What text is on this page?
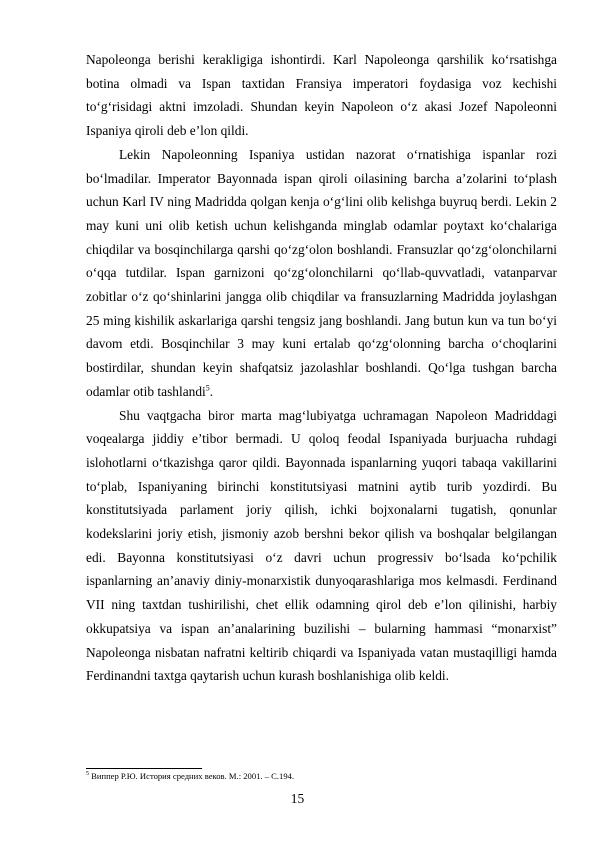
Napoleonga berishi kerakligiga ishontirdi. Karl Napoleonga qarshilik ko‘rsatishga botina olmadi va Ispan taxtidan Fransiya imperatori foydasiga voz kechishi to‘g‘risidagi aktni imzoladi. Shundan keyin Napoleon o‘z akasi Jozef Napoleonni Ispaniya qiroli deb e’lon qildi.

Lekin Napoleonning Ispaniya ustidan nazorat o‘rnatishiga ispanlar rozi bo‘lmadilar. Imperator Bayonnada ispan qiroli oilasining barcha a’zolarini to‘plash uchun Karl IV ning Madridda qolgan kenja o‘g‘lini olib kelishga buyruq berdi. Lekin 2 may kuni uni olib ketish uchun kelishganda minglab odamlar poytaxt ko‘chalariga chiqdilar va bosqinchilarga qarshi qo‘zg‘olon boshlandi. Fransuzlar qo‘zg‘olonchilarni o‘qqa tutdilar. Ispan garnizoni qo‘zg‘olonchilarni qo‘llab-quvvatladi, vatanparvar zobitlar o‘z qo‘shinlarini jangga olib chiqdilar va fransuzlarning Madridda joylashgan 25 ming kishilik askarlariga qarshi tengsiz jang boshlandi. Jang butun kun va tun bo‘yi davom etdi. Bosqinchilar 3 may kuni ertalab qo‘zg‘olonning barcha o‘choqlarini bostirdilar, shundan keyin shafqatsiz jazolashlar boshlandi. Qo‘lga tushgan barcha odamlar otib tashlandi$^5$.

Shu vaqtgacha biror marta mag‘lubiyatga uchramagan Napoleon Madriddagi voqealarga jiddiy e’tibor bermadi. U qoloq feodal Ispaniyada burjuacha ruhdagi islohotlarni o‘tkazishga qaror qildi. Bayonnada ispanlarning yuqori tabaqa vakillarini to‘plab, Ispaniyaning birinchi konstitutsiyasi matnini aytib turib yozdirdi. Bu konstitutsiyada parlament joriy qilish, ichki bojxonalarni tugatish, qonunlar kodekslarini joriy etish, jismoniy azob bershni bekor qilish va boshqalar belgilangan edi. Bayonna konstitutsiyasi o‘z davri uchun progressiv bo‘lsada ko‘pchilik ispanlarning an’anaviy diniy-monarxistik dunyoqarashlariga mos kelmasdi. Ferdinand VII ning taxtdan tushirilishi, chet ellik odamning qirol deb e’lon qilinishi, harbiy okkupatsiya va ispan an’analarining buzilishi – bularning hammasi “monarxist” Napoleonga nisbatan nafratni keltirib chiqardi va Ispaniyada vatan mustaqilligi hamda Ferdinandni taxtga qaytarish uchun kurash boshlanishiga olib keldi.

$^5$ Виппер Р.Ю. История средних веков. М.: 2001. – С.194.
15
